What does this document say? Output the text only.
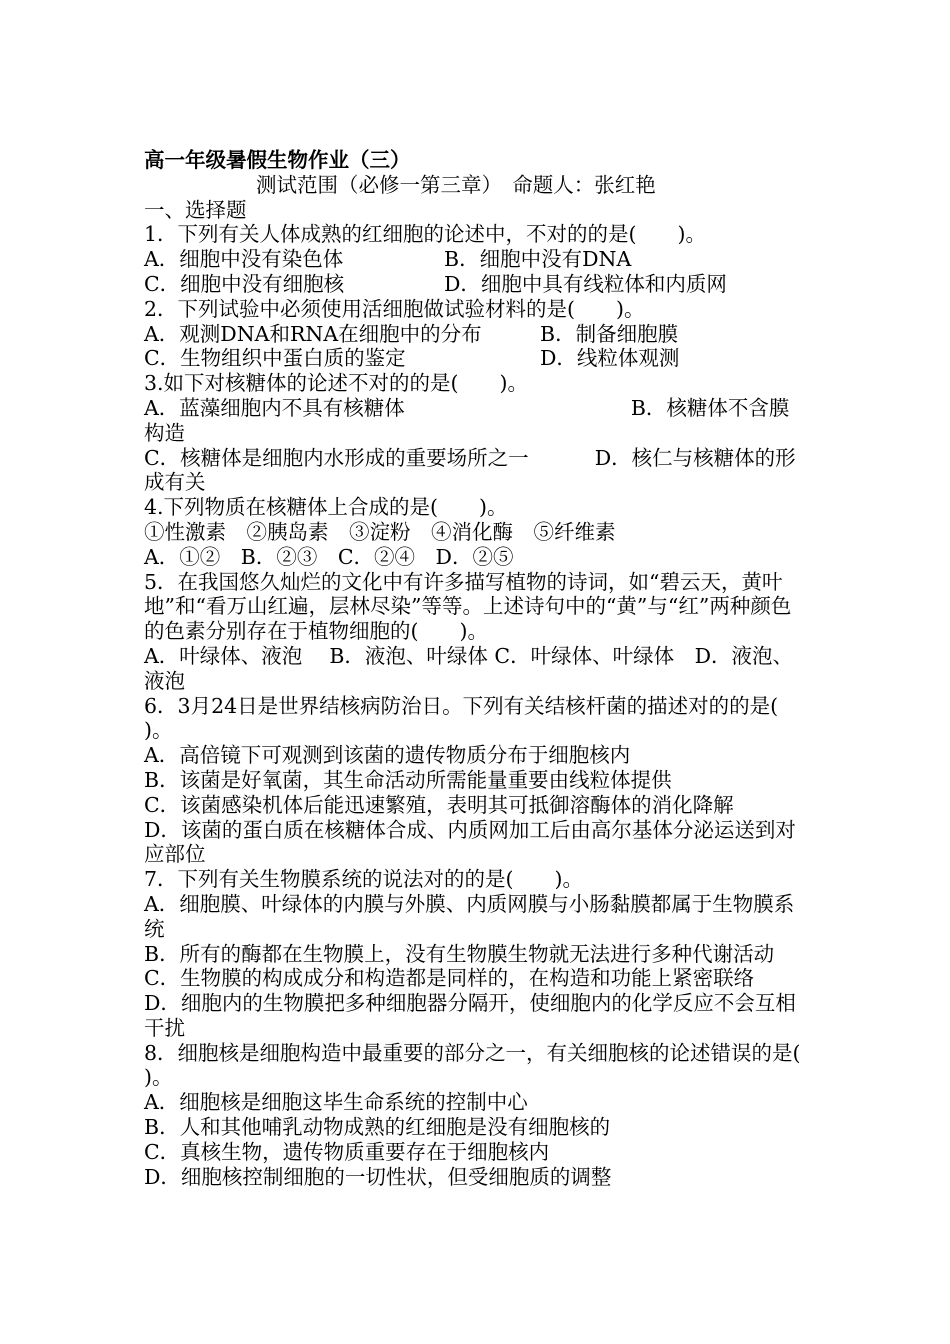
高一年级暑假生物作业（三）
测试范围（必修一第三章）　命题人：张红艳
一、选择题
1．下列有关人体成熟的红细胞的论述中，不对的的是(　　)。
A．细胞中没有染色体	B．细胞中没有DNA
C．细胞中没有细胞核	D．细胞中具有线粒体和内质网
2．下列试验中必须使用活细胞做试验材料的是(　　)。
A．观测DNA和RNA在细胞中的分布	B．制备细胞膜
C．生物组织中蛋白质的鉴定	D．线粒体观测
3.如下对核糖体的论述不对的的是(　　)。
A．蓝藻细胞内不具有核糖体	B．核糖体不含膜构造
C．核糖体是细胞内水形成的重要场所之一	D．核仁与核糖体的形成有关
4.下列物质在核糖体上合成的是(　　)。
①性激素　②胰岛素　③淀粉　④消化酶　⑤纤维素
A．①②　B．②③　C．②④　D．②⑤
5．在我国悠久灿烂的文化中有许多描写植物的诗词，如“碧云天，黄叶地”和“看万山红遍，层林尽染”等等。上述诗句中的“黄”与“红”两种颜色的色素分别存在于植物细胞的(　　)。
A．叶绿体、液泡　 B．液泡、叶绿体 C．叶绿体、叶绿体　D．液泡、液泡
6．3月24日是世界结核病防治日。下列有关结核杆菌的描述对的的是(　　)。
A．高倍镜下可观测到该菌的遗传物质分布于细胞核内
B．该菌是好氧菌，其生命活动所需能量重要由线粒体提供
C．该菌感染机体后能迅速繁殖，表明其可抵御溶酶体的消化降解
D．该菌的蛋白质在核糖体合成、内质网加工后由高尔基体分泌运送到对应部位
7．下列有关生物膜系统的说法对的的是(　　)。
A．细胞膜、叶绿体的内膜与外膜、内质网膜与小肠黏膜都属于生物膜系统
B．所有的酶都在生物膜上，没有生物膜生物就无法进行多种代谢活动
C．生物膜的构成成分和构造都是同样的，在构造和功能上紧密联络
D．细胞内的生物膜把多种细胞器分隔开，使细胞内的化学反应不会互相干扰
8．细胞核是细胞构造中最重要的部分之一，有关细胞核的论述错误的是(　　)。
A．细胞核是细胞这毕生命系统的控制中心
B．人和其他哺乳动物成熟的红细胞是没有细胞核的
C．真核生物，遗传物质重要存在于细胞核内
D．细胞核控制细胞的一切性状，但受细胞质的调整
